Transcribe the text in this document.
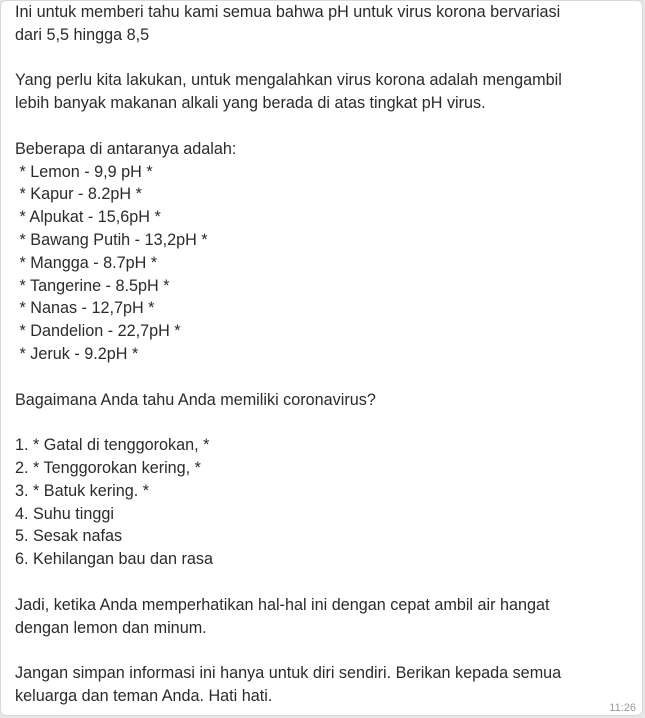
Ini untuk memberi tahu kami semua bahwa pH untuk virus korona bervariasi
dari 5,5 hingga 8,5
Yang perlu kita lakukan, untuk mengalahkan virus korona adalah mengambil
lebih banyak makanan alkali yang berada di atas tingkat pH virus.
Beberapa di antaranya adalah:
* Lemon - 9,9 pH *
* Kapur - 8.2pH *
* Alpukat - 15,6pH *
* Bawang Putih - 13,2pH *
* Mangga - 8.7pH *
* Tangerine - 8.5pH *
* Nanas - 12,7pH *
* Dandelion - 22,7pH *
* Jeruk - 9.2pH *
Bagaimana Anda tahu Anda memiliki coronavirus?
1. * Gatal di tenggorokan, *
2. * Tenggorokan kering, *
3. * Batuk kering. *
4. Suhu tinggi
5. Sesak nafas
6. Kehilangan bau dan rasa
Jadi, ketika Anda memperhatikan hal-hal ini dengan cepat ambil air hangat
dengan lemon dan minum.
Jangan simpan informasi ini hanya untuk diri sendiri. Berikan kepada semua
keluarga dan teman Anda. Hati hati.
11:26
